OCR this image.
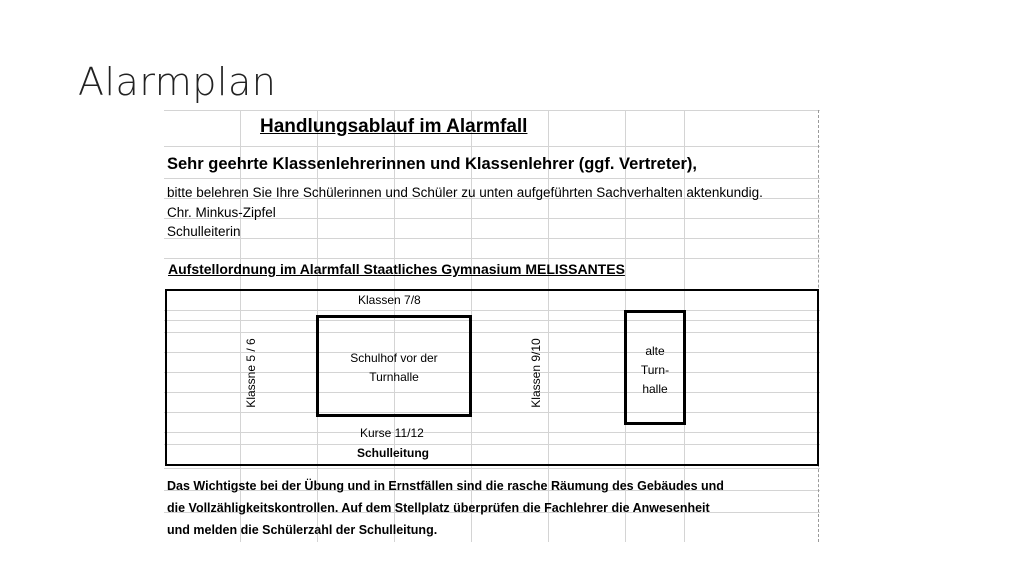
Alarmplan
Handlungsablauf im Alarmfall
Sehr geehrte Klassenlehrerinnen und Klassenlehrer (ggf. Vertreter),
bitte belehren Sie Ihre Schülerinnen und Schüler zu unten aufgeführten Sachverhalten aktenkundig.
Chr. Minkus-Zipfel
Schulleiterin
Aufstellordnung im Alarmfall Staatliches Gymnasium MELISSANTES
Klassen 7/8
Klassne 5 / 6	Schulhof vor der Turnhalle	Klassen 9/10	alte
Turn-
halle
Kurse 11/12
Schulleitung
Das Wichtigste bei der Übung und in Ernstfällen sind die rasche Räumung des Gebäudes und
die Vollzähligkeitskontrollen. Auf dem Stellplatz überprüfen die Fachlehrer die Anwesenheit
und melden die Schülerzahl der Schulleitung.
